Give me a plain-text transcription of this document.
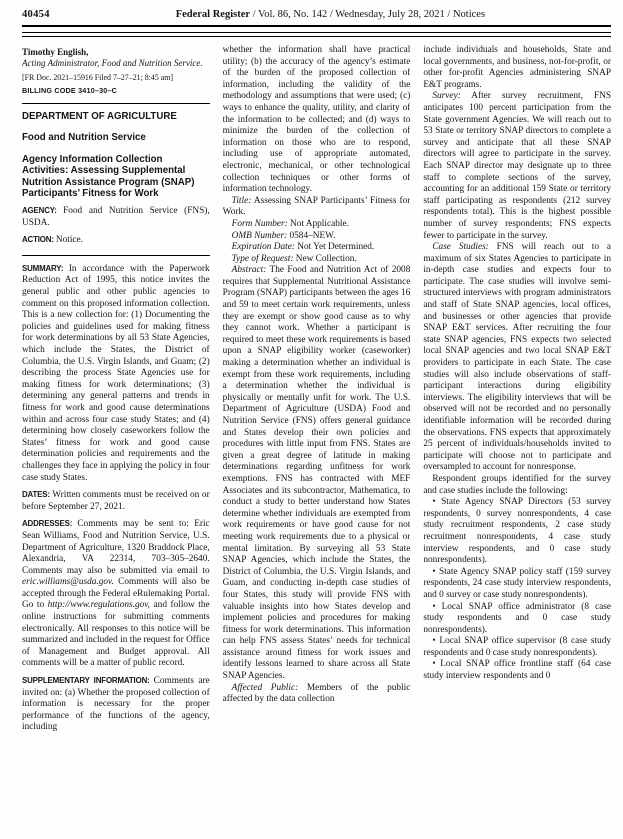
40454	Federal Register / Vol. 86, No. 142 / Wednesday, July 28, 2021 / Notices

Timothy English,

Acting Administrator, Food and Nutrition Service.

[FR Doc. 2021–15916 Filed 7–27–21; 8:45 am]

BILLING CODE 3410–30–C

DEPARTMENT OF AGRICULTURE

Food and Nutrition Service

Agency Information Collection Activities: Assessing Supplemental Nutrition Assistance Program (SNAP) Participants’ Fitness for Work

AGENCY: Food and Nutrition Service (FNS), USDA.

ACTION: Notice.

SUMMARY: In accordance with the Paperwork Reduction Act of 1995, this notice invites the general public and other public agencies to comment on this proposed information collection. This is a new collection for: (1) Documenting the policies and guidelines used for making fitness for work determinations by all 53 State Agencies, which include the States, the District of Columbia, the U.S. Virgin Islands, and Guam; (2) describing the process State Agencies use for making fitness for work determinations; (3) determining any general patterns and trends in fitness for work and good cause determinations within and across four case study States; and (4) determining how closely caseworkers follow the States’ fitness for work and good cause determination policies and requirements and the challenges they face in applying the policy in four case study States.

DATES: Written comments must be received on or before September 27, 2021.

ADDRESSES: Comments may be sent to: Eric Sean Williams, Food and Nutrition Service, U.S. Department of Agriculture, 1320 Braddock Place, Alexandria, VA 22314, 703–305–2640. Comments may also be submitted via email to eric.williams@usda.gov. Comments will also be accepted through the Federal eRulemaking Portal. Go to http://www.regulations.gov, and follow the online instructions for submitting comments electronically. All responses to this notice will be summarized and included in the request for Office of Management and Budget approval. All comments will be a matter of public record.

SUPPLEMENTARY INFORMATION: Comments are invited on: (a) Whether the proposed collection of information is necessary for the proper performance of the functions of the agency, including

whether the information shall have practical utility; (b) the accuracy of the agency’s estimate of the burden of the proposed collection of information, including the validity of the methodology and assumptions that were used; (c) ways to enhance the quality, utility, and clarity of the information to be collected; and (d) ways to minimize the burden of the collection of information on those who are to respond, including use of appropriate automated, electronic, mechanical, or other technological collection techniques or other forms of information technology.

Title: Assessing SNAP Participants’ Fitness for Work.

Form Number: Not Applicable.

OMB Number: 0584–NEW.

Expiration Date: Not Yet Determined.

Type of Request: New Collection.

Abstract: The Food and Nutrition Act of 2008 requires that Supplemental Nutritional Assistance Program (SNAP) participants between the ages 16 and 59 to meet certain work requirements, unless they are exempt or show good cause as to why they cannot work. Whether a participant is required to meet these work requirements is based upon a SNAP eligibility worker (caseworker) making a determination whether an individual is exempt from these work requirements, including a determination whether the individual is physically or mentally unfit for work. The U.S. Department of Agriculture (USDA) Food and Nutrition Service (FNS) offers general guidance and States develop their own policies and procedures with little input from FNS. States are given a great degree of latitude in making determinations regarding unfitness for work exemptions. FNS has contracted with MEF Associates and its subcontractor, Mathematica, to conduct a study to better understand how States determine whether individuals are exempted from work requirements or have good cause for not meeting work requirements due to a physical or mental limitation. By surveying all 53 State SNAP Agencies, which include the States, the District of Columbia, the U.S. Virgin Islands, and Guam, and conducting in-depth case studies of four States, this study will provide FNS with valuable insights into how States develop and implement policies and procedures for making fitness for work determinations. This information can help FNS assess States’ needs for technical assistance around fitness for work issues and identify lessons learned to share across all State SNAP Agencies.

Affected Public: Members of the public affected by the data collection

include individuals and households, State and local governments, and business, not-for-profit, or other for-profit Agencies administering SNAP E&T programs.

Survey: After survey recruitment, FNS anticipates 100 percent participation from the State government Agencies. We will reach out to 53 State or territory SNAP directors to complete a survey and anticipate that all these SNAP directors will agree to participate in the survey. Each SNAP director may designate up to three staff to complete sections of the survey, accounting for an additional 159 State or territory staff participating as respondents (212 survey respondents total). This is the highest possible number of survey respondents; FNS expects fewer to participate in the survey.

Case Studies: FNS will reach out to a maximum of six States Agencies to participate in in-depth case studies and expects four to participate. The case studies will involve semi-structured interviews with program administrators and staff of State SNAP agencies, local offices, and businesses or other agencies that provide SNAP E&T services. After recruiting the four state SNAP agencies, FNS expects two selected local SNAP agencies and two local SNAP E&T providers to participate in each State. The case studies will also include observations of staff-participant interactions during eligibility interviews. The eligibility interviews that will be observed will not be recorded and no personally identifiable information will be recorded during the observations. FNS expects that approximately 25 percent of individuals/households invited to participate will choose not to participate and oversampled to account for nonresponse.

Respondent groups identified for the survey and case studies include the following:

• State Agency SNAP Directors (53 survey respondents, 0 survey nonrespondents, 4 case study recruitment respondents, 2 case study recruitment nonrespondents, 4 case study interview respondents, and 0 case study nonrespondents).

• State Agency SNAP policy staff (159 survey respondents, 24 case study interview respondents, and 0 survey or case study nonrespondents).

• Local SNAP office administrator (8 case study respondents and 0 case study nonrespondents).

• Local SNAP office supervisor (8 case study respondents and 0 case study nonrespondents).

• Local SNAP office frontline staff (64 case study interview respondents and 0
